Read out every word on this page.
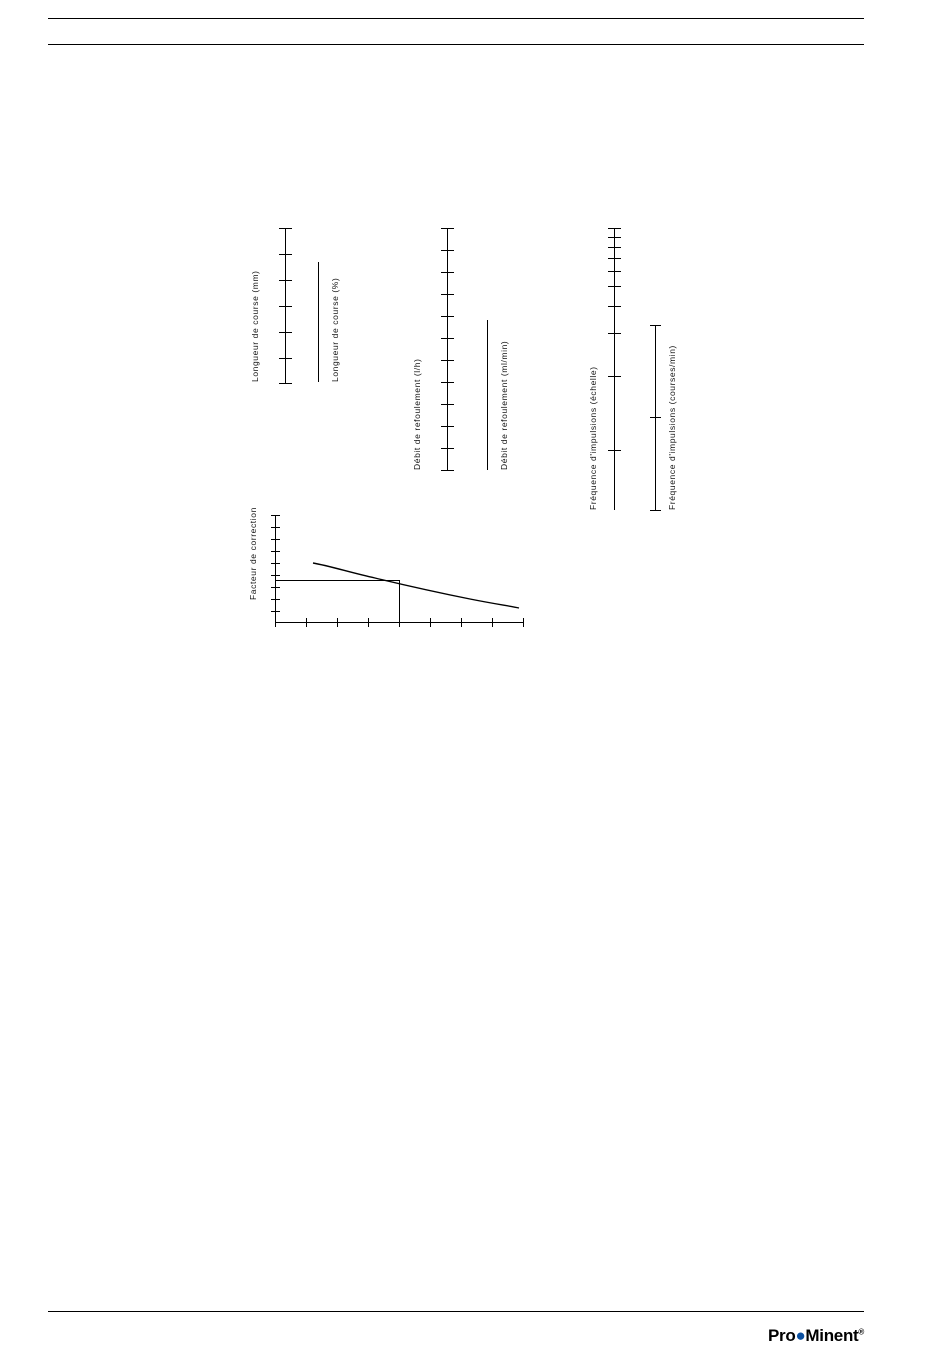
Longueur de course (mm)	Longueur de course (%)
Débit de refoulement (l/h)	Débit de refoulement (ml/min)	Fréquence d'impulsions (échelle)	Fréquence d'impulsions (courses/min)
Facteur de correction
Pro●Minent®
